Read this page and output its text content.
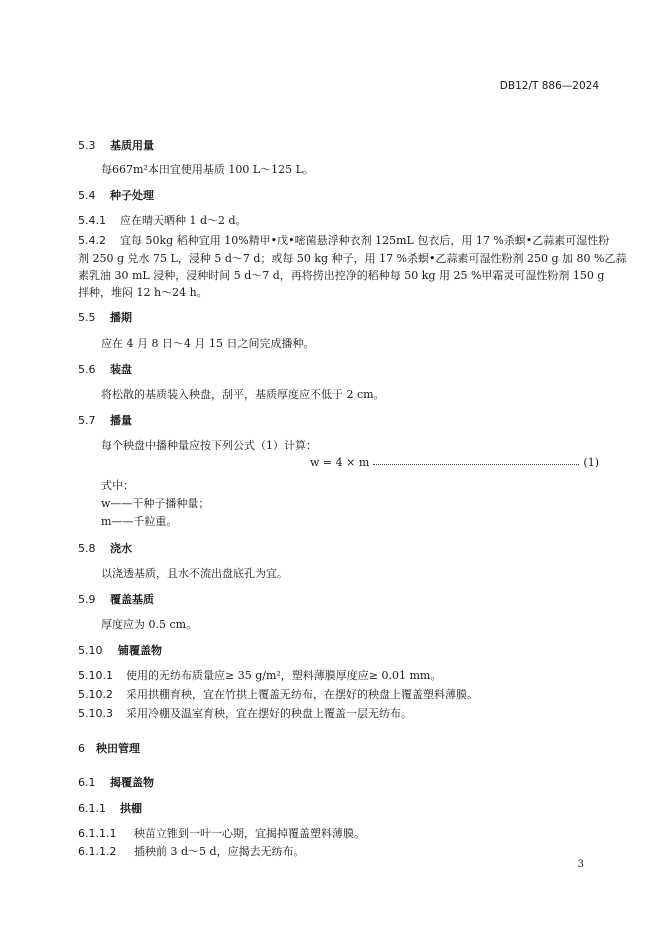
DB12/T 886—2024
5.3 基质用量
每667m²本田宜使用基质 100 L～125 L。
5.4 种子处理
5.4.1 应在晴天晒种 1 d～2 d。
5.4.2 宜每 50kg 稻种宜用 10%精甲•戊•嘧菌悬浮种衣剂 125mL 包衣后，用 17 %杀螟•乙蒜素可湿性粉
剂 250 g 兑水 75 L，浸种 5 d～7 d；或每 50 kg 种子，用 17 %杀螟•乙蒜素可湿性粉剂 250 g 加 80 %乙蒜
素乳油 30 mL 浸种，浸种时间 5 d～7 d，再将捞出控净的稻种每 50 kg 用 25 %甲霜灵可湿性粉剂 150 g
拌种，堆闷 12 h～24 h。
5.5 播期
应在 4 月 8 日～4 月 15 日之间完成播种。
5.6 装盘
将松散的基质装入秧盘，刮平，基质厚度应不低于 2 cm。
5.7 播量
每个秧盘中播种量应按下列公式（1）计算：
w = 4 × m	(1)
式中：
w——干种子播种量；
m——千粒重。
5.8 浇水
以浇透基质，且水不流出盘底孔为宜。
5.9 覆盖基质
厚度应为 0.5 cm。
5.10 铺覆盖物
5.10.1 使用的无纺布质量应≥ 35 g/m²，塑料薄膜厚度应≥ 0.01 mm。
5.10.2 采用拱棚育秧，宜在竹拱上覆盖无纺布，在摆好的秧盘上覆盖塑料薄膜。
5.10.3 采用冷棚及温室育秧，宜在摆好的秧盘上覆盖一层无纺布。
6 秧田管理
6.1 揭覆盖物
6.1.1 拱棚
6.1.1.1 秧苗立锥到一叶一心期，宜揭掉覆盖塑料薄膜。
6.1.1.2 插秧前 3 d～5 d，应揭去无纺布。
3
